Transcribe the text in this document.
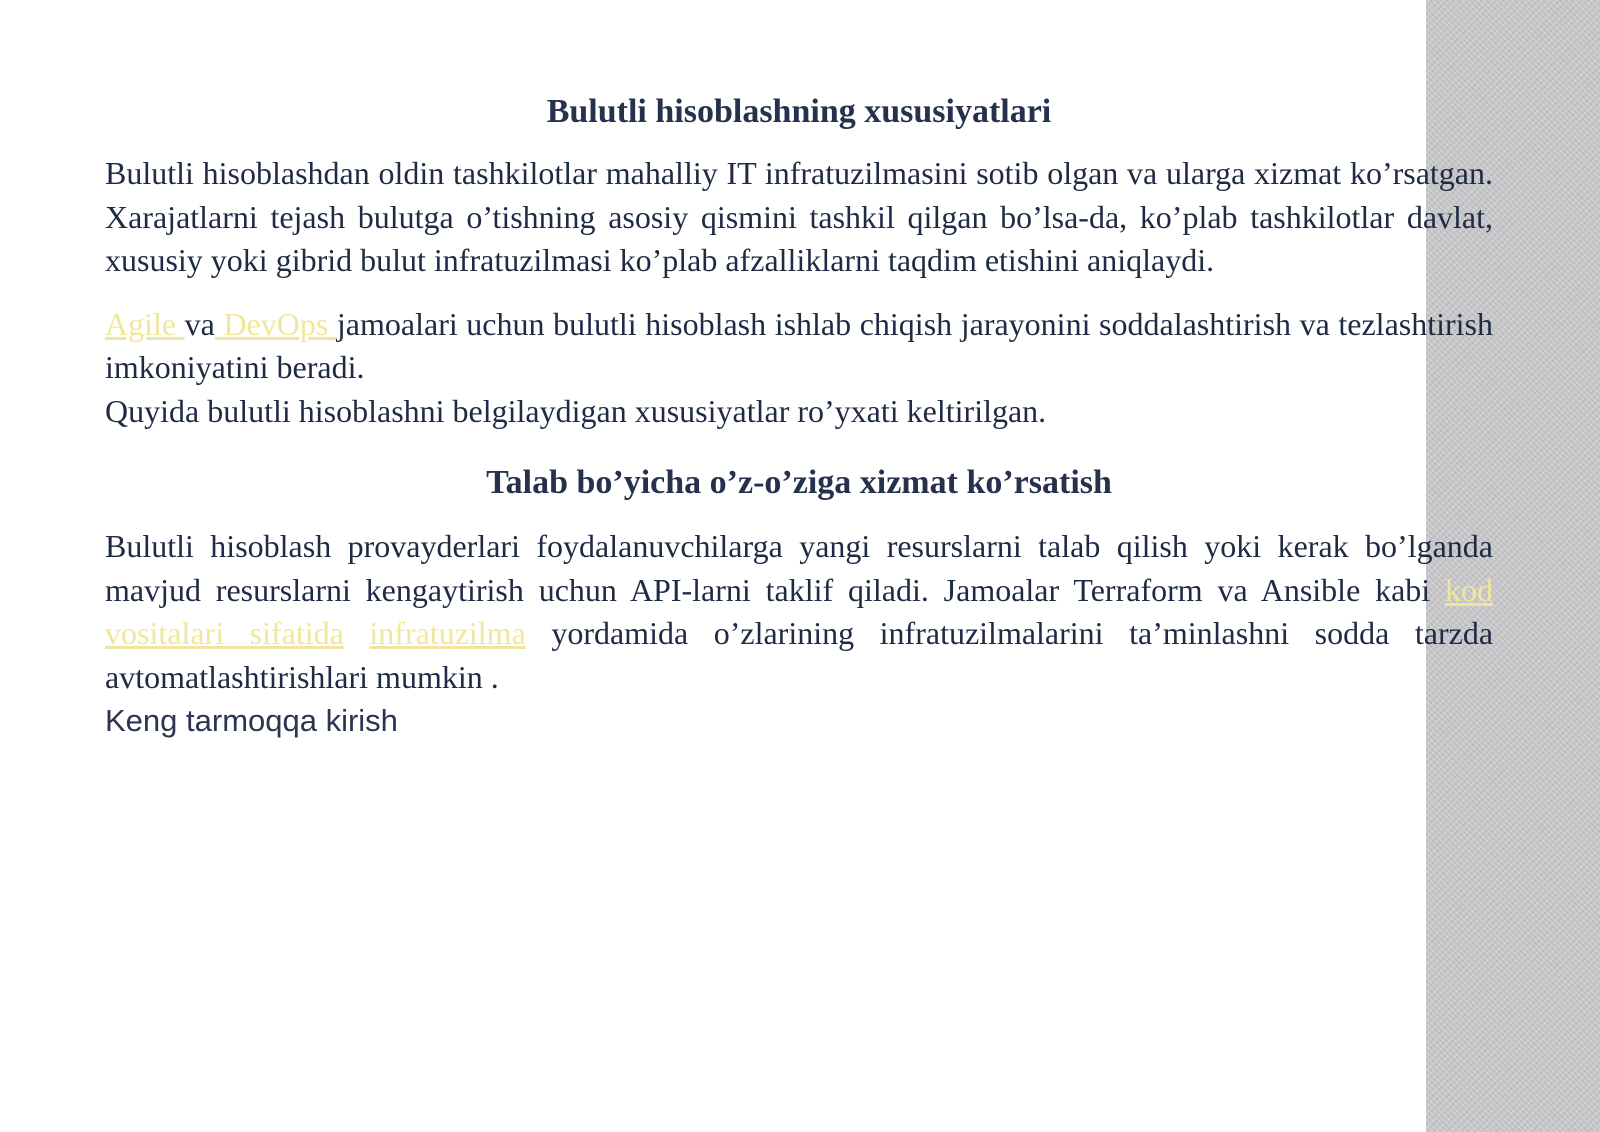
Bulutli hisoblashning xususiyatlari

Bulutli hisoblashdan oldin tashkilotlar mahalliy IT infratuzilmasini sotib olgan va ularga xizmat ko’rsatgan. Xarajatlarni tejash bulutga o’tishning asosiy qismini tashkil qilgan bo’lsa-da, ko’plab tashkilotlar davlat, xususiy yoki gibrid bulut infratuzilmasi ko’plab afzalliklarni taqdim etishini aniqlaydi.

Agile va DevOps jamoalari uchun bulutli hisoblash ishlab chiqish jarayonini soddalashtirish va tezlashtirish imkoniyatini beradi.

Quyida bulutli hisoblashni belgilaydigan xususiyatlar ro’yxati keltirilgan.

Talab bo’yicha o’z-o’ziga xizmat ko’rsatish

Bulutli hisoblash provayderlari foydalanuvchilarga yangi resurslarni talab qilish yoki kerak bo’lganda mavjud resurslarni kengaytirish uchun API-larni taklif qiladi. Jamoalar Terraform va Ansible kabi kod vositalari sifatida infratuzilma yordamida o’zlarining infratuzilmalarini ta’minlashni sodda tarzda avtomatlashtirishlari mumkin .

Keng tarmoqqa kirish
